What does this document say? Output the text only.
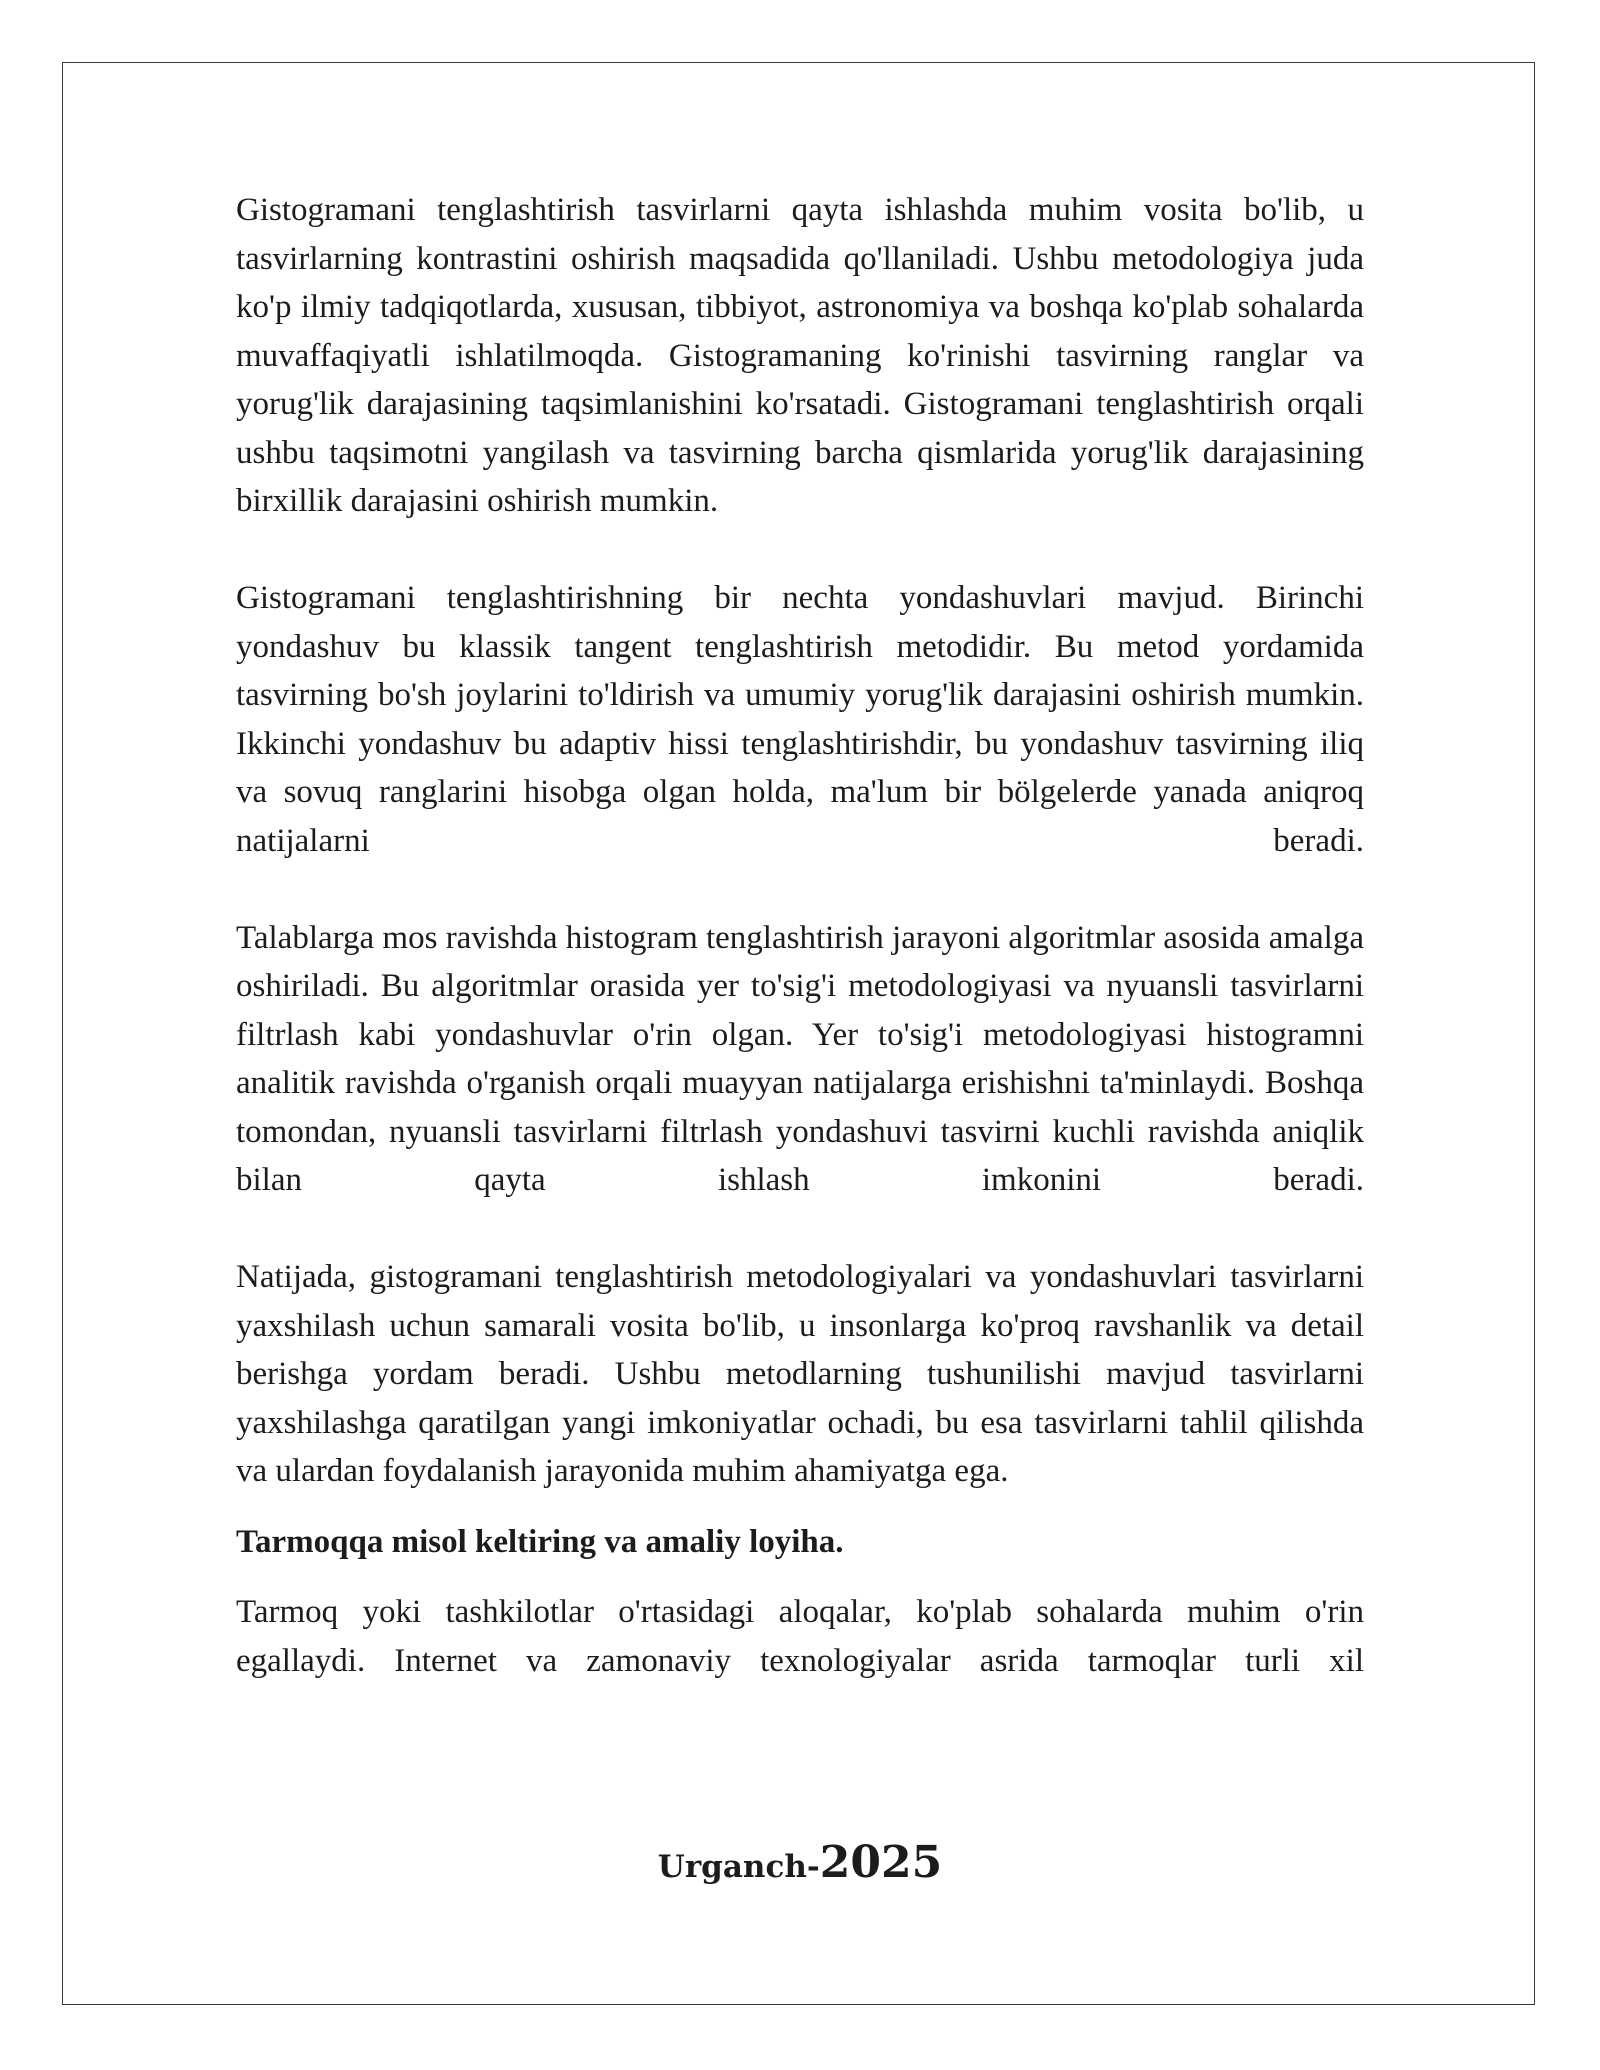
Gistogramani tenglashtirish tasvirlarni qayta ishlashda muhim vosita bo'lib, u tasvirlarning kontrastini oshirish maqsadida qo'llaniladi. Ushbu metodologiya juda ko'p ilmiy tadqiqotlarda, xususan, tibbiyot, astronomiya va boshqa ko'plab sohalarda muvaffaqiyatli ishlatilmoqda. Gistogramaning ko'rinishi tasvirning ranglar va yorug'lik darajasining taqsimlanishini ko'rsatadi. Gistogramani tenglashtirish orqali ushbu taqsimotni yangilash va tasvirning barcha qismlarida yorug'lik darajasining birxillik darajasini oshirish mumkin.

Gistogramani tenglashtirishning bir nechta yondashuvlari mavjud. Birinchi yondashuv bu klassik tangent tenglashtirish metodidir. Bu metod yordamida tasvirning bo'sh joylarini to'ldirish va umumiy yorug'lik darajasini oshirish mumkin. Ikkinchi yondashuv bu adaptiv hissi tenglashtirishdir, bu yondashuv tasvirning iliq va sovuq ranglarini hisobga olgan holda, ma'lum bir bölgelerde yanada aniqroq natijalarni beradi.

Talablarga mos ravishda histogram tenglashtirish jarayoni algoritmlar asosida amalga oshiriladi. Bu algoritmlar orasida yer to'sig'i metodologiyasi va nyuansli tasvirlarni filtrlash kabi yondashuvlar o'rin olgan. Yer to'sig'i metodologiyasi histogramni analitik ravishda o'rganish orqali muayyan natijalarga erishishni ta'minlaydi. Boshqa tomondan, nyuansli tasvirlarni filtrlash yondashuvi tasvirni kuchli ravishda aniqlik bilan qayta ishlash imkonini beradi.

Natijada, gistogramani tenglashtirish metodologiyalari va yondashuvlari tasvirlarni yaxshilash uchun samarali vosita bo'lib, u insonlarga ko'proq ravshanlik va detail berishga yordam beradi. Ushbu metodlarning tushunilishi mavjud tasvirlarni yaxshilashga qaratilgan yangi imkoniyatlar ochadi, bu esa tasvirlarni tahlil qilishda va ulardan foydalanish jarayonida muhim ahamiyatga ega.

Tarmoqqa misol keltiring va amaliy loyiha.

Tarmoq yoki tashkilotlar o'rtasidagi aloqalar, ko'plab sohalarda muhim o'rin egallaydi. Internet va zamonaviy texnologiyalar asrida tarmoqlar turli xil

Urganch-2025
